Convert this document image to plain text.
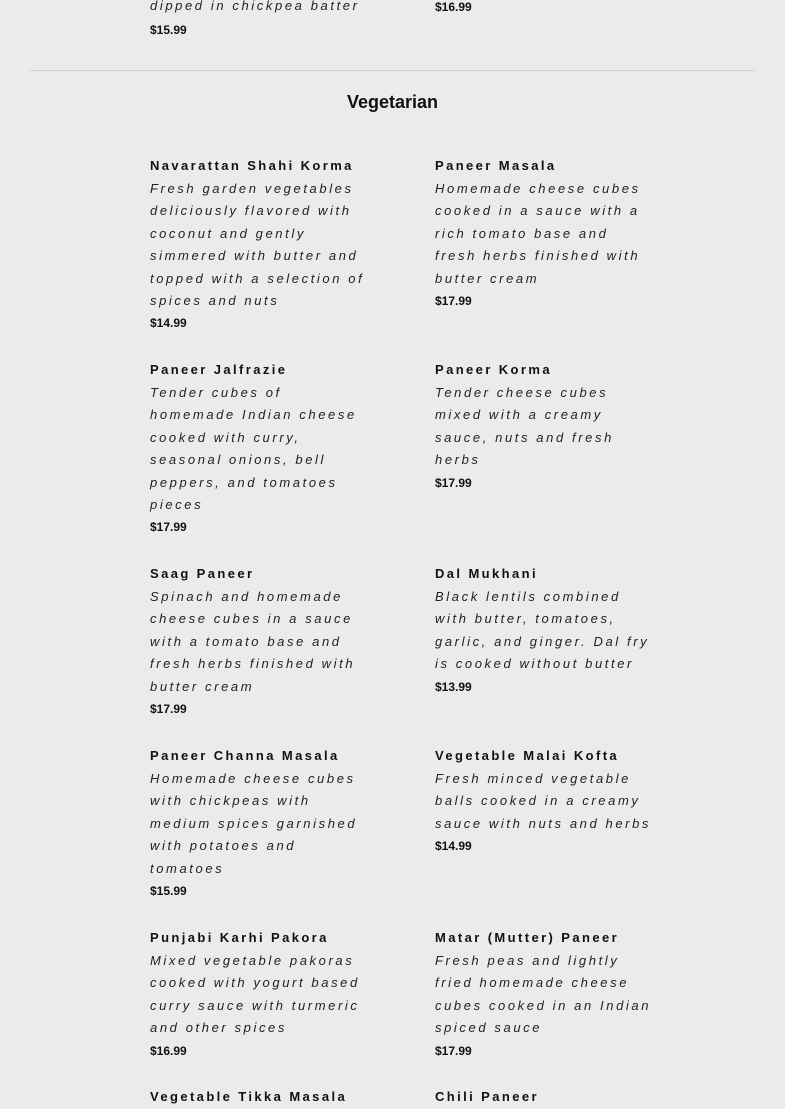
dipped in chickpea batter

$15.99

$16.99

Vegetarian

Navarattan Shahi Korma

Fresh garden vegetables

deliciously flavored with

coconut and gently

simmered with butter and

topped with a selection of

spices and nuts

$14.99

Paneer Masala

Homemade cheese cubes

cooked in a sauce with a

rich tomato base and

fresh herbs finished with

butter cream

$17.99

Paneer Jalfrazie

Tender cubes of

homemade Indian cheese

cooked with curry,

seasonal onions, bell

peppers, and tomatoes

pieces

$17.99

Paneer Korma

Tender cheese cubes

mixed with a creamy

sauce, nuts and fresh

herbs

$17.99

Saag Paneer

Spinach and homemade

cheese cubes in a sauce

with a tomato base and

fresh herbs finished with

butter cream

$17.99

Dal Mukhani

Black lentils combined

with butter, tomatoes,

garlic, and ginger. Dal fry

is cooked without butter

$13.99

Paneer Channa Masala

Homemade cheese cubes

with chickpeas with

medium spices garnished

with potatoes and

tomatoes

$15.99

Vegetable Malai Kofta

Fresh minced vegetable

balls cooked in a creamy

sauce with nuts and herbs

$14.99

Punjabi Karhi Pakora

Mixed vegetable pakoras

cooked with yogurt based

curry sauce with turmeric

and other spices

$16.99

Matar (Mutter) Paneer

Fresh peas and lightly

fried homemade cheese

cubes cooked in an Indian

spiced sauce

$17.99

Vegetable Tikka Masala	Chili Paneer
